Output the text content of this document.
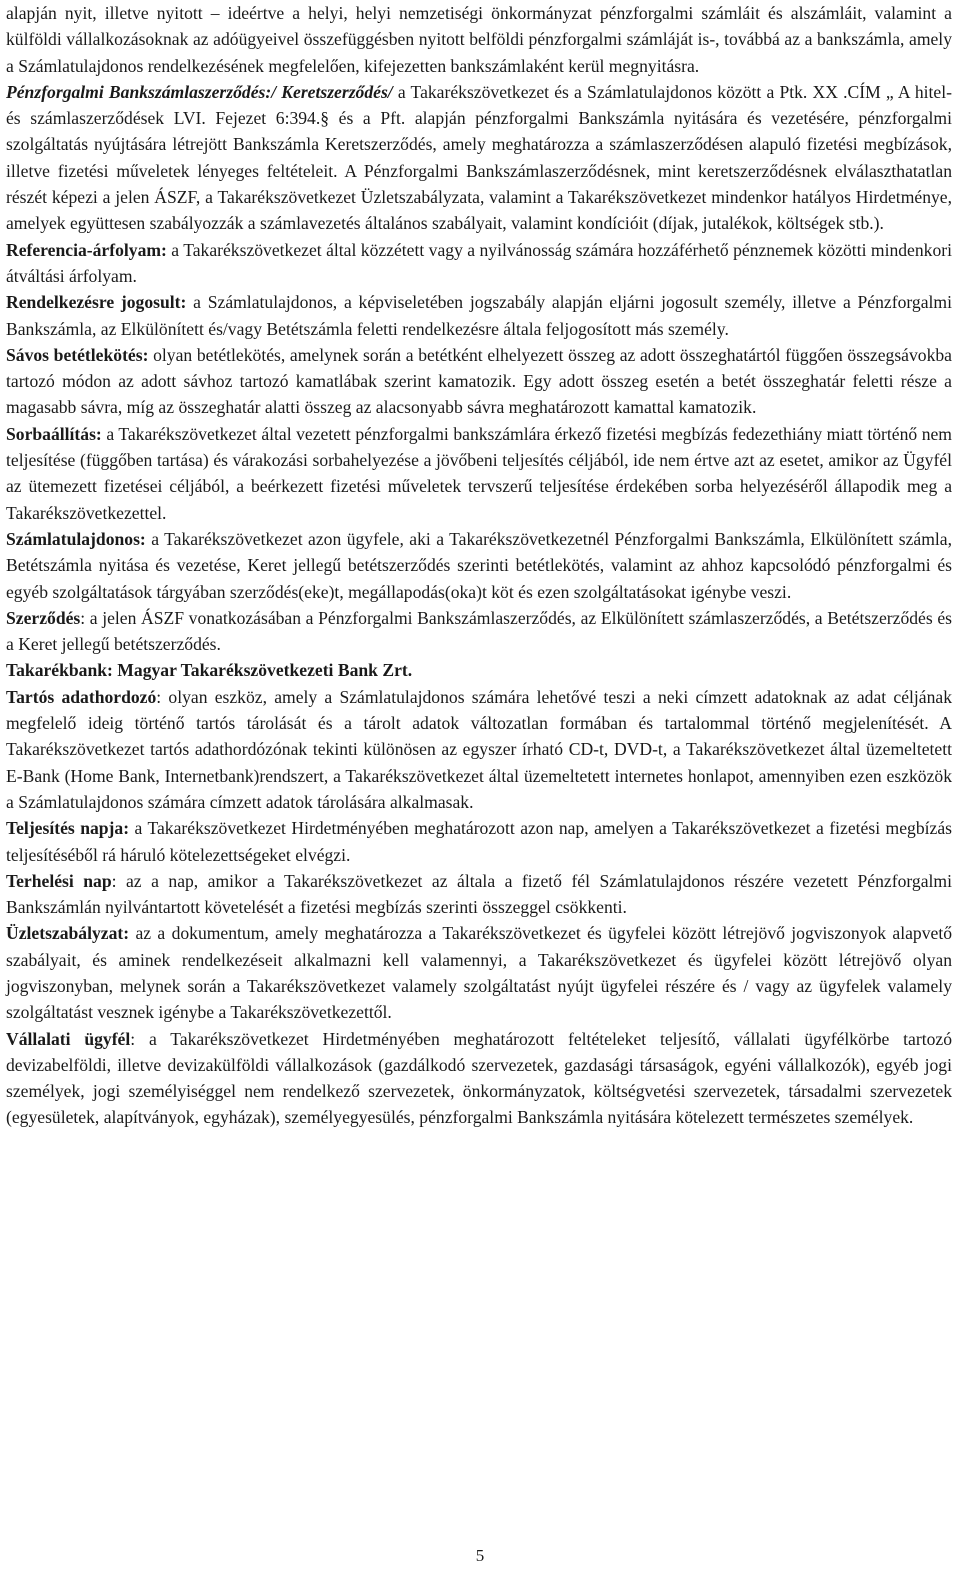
alapján nyit, illetve nyitott – ideértve a helyi, helyi nemzetiségi önkormányzat pénzforgalmi számláit és alszámláit, valamint a külföldi vállalkozásoknak az adóügyeivel összefüggésben nyitott belföldi pénzforgalmi számláját is-, továbbá az a bankszámla, amely a Számlatulajdonos rendelkezésének megfelelően, kifejezetten bankszámlaként kerül megnyitásra.

Pénzforgalmi Bankszámlaszerződés:/ Keretszerződés/ a Takarékszövetkezet és a Számlatulajdonos között a Ptk. XX .CÍM „ A hitel-és számlaszerződések LVI. Fejezet 6:394.§ és a Pft. alapján pénzforgalmi Bankszámla nyitására és vezetésére, pénzforgalmi szolgáltatás nyújtására létrejött Bankszámla Keretszerződés, amely meghatározza a számlaszerződésen alapuló fizetési megbízások, illetve fizetési műveletek lényeges feltételeit. A Pénzforgalmi Bankszámlaszerződésnek, mint keretszerződésnek elválaszthatatlan részét képezi a jelen ÁSZF, a Takarékszövetkezet Üzletszabályzata, valamint a Takarékszövetkezet mindenkor hatályos Hirdetménye, amelyek együttesen szabályozzák a számlavezetés általános szabályait, valamint kondícióit (díjak, jutalékok, költségek stb.).

Referencia-árfolyam: a Takarékszövetkezet által közzétett vagy a nyilvánosság számára hozzáférhető pénznemek közötti mindenkori átváltási árfolyam.

Rendelkezésre jogosult: a Számlatulajdonos, a képviseletében jogszabály alapján eljárni jogosult személy, illetve a Pénzforgalmi Bankszámla, az Elkülönített és/vagy Betétszámla feletti rendelkezésre általa feljogosított más személy.

Sávos betétlekötés: olyan betétlekötés, amelynek során a betétként elhelyezett összeg az adott összeghatártól függően összegsávokba tartozó módon az adott sávhoz tartozó kamatlábak szerint kamatozik. Egy adott összeg esetén a betét összeghatár feletti része a magasabb sávra, míg az összeghatár alatti összeg az alacsonyabb sávra meghatározott kamattal kamatozik.

Sorbaállítás: a Takarékszövetkezet által vezetett pénzforgalmi bankszámlára érkező fizetési megbízás fedezethiány miatt történő nem teljesítése (függőben tartása) és várakozási sorbahelyezése a jövőbeni teljesítés céljából, ide nem értve azt az esetet, amikor az Ügyfél az ütemezett fizetései céljából, a beérkezett fizetési műveletek tervszerű teljesítése érdekében sorba helyezéséről állapodik meg a Takarékszövetkezettel.

Számlatulajdonos: a Takarékszövetkezet azon ügyfele, aki a Takarékszövetkezetnél Pénzforgalmi Bankszámla, Elkülönített számla, Betétszámla nyitása és vezetése, Keret jellegű betétszerződés szerinti betétlekötés, valamint az ahhoz kapcsolódó pénzforgalmi és egyéb szolgáltatások tárgyában szerződés(eke)t, megállapodás(oka)t köt és ezen szolgáltatásokat igénybe veszi.

Szerződés: a jelen ÁSZF vonatkozásában a Pénzforgalmi Bankszámlaszerződés, az Elkülönített számlaszerződés, a Betétszerződés és a Keret jellegű betétszerződés.

Takarékbank: Magyar Takarékszövetkezeti Bank Zrt.

Tartós adathordozó: olyan eszköz, amely a Számlatulajdonos számára lehetővé teszi a neki címzett adatoknak az adat céljának megfelelő ideig történő tartós tárolását és a tárolt adatok változatlan formában és tartalommal történő megjelenítését. A Takarékszövetkezet tartós adathordózónak tekinti különösen az egyszer írható CD-t, DVD-t, a Takarékszövetkezet által üzemeltetett E-Bank (Home Bank, Internetbank)rendszert, a Takarékszövetkezet által üzemeltetett internetes honlapot, amennyiben ezen eszközök a Számlatulajdonos számára címzett adatok tárolására alkalmasak.

Teljesítés napja: a Takarékszövetkezet Hirdetményében meghatározott azon nap, amelyen a Takarékszövetkezet a fizetési megbízás teljesítéséből rá háruló kötelezettségeket elvégzi.

Terhelési nap: az a nap, amikor a Takarékszövetkezet az általa a fizető fél Számlatulajdonos részére vezetett Pénzforgalmi Bankszámlán nyilvántartott követelését a fizetési megbízás szerinti összeggel csökkenti.

Üzletszabályzat: az a dokumentum, amely meghatározza a Takarékszövetkezet és ügyfelei között létrejövő jogviszonyok alapvető szabályait, és aminek rendelkezéseit alkalmazni kell valamennyi, a Takarékszövetkezet és ügyfelei között létrejövő olyan jogviszonyban, melynek során a Takarékszövetkezet valamely szolgáltatást nyújt ügyfelei részére és / vagy az ügyfelek valamely szolgáltatást vesznek igénybe a Takarékszövetkezettől.

Vállalati ügyfél: a Takarékszövetkezet Hirdetményében meghatározott feltételeket teljesítő, vállalati ügyfélkörbe tartozó devizabelföldi, illetve devizakülföldi vállalkozások (gazdálkodó szervezetek, gazdasági társaságok, egyéni vállalkozók), egyéb jogi személyek, jogi személyiséggel nem rendelkező szervezetek, önkormányzatok, költségvetési szervezetek, társadalmi szervezetek (egyesületek, alapítványok, egyházak), személyegyesülés, pénzforgalmi Bankszámla nyitására kötelezett természetes személyek.

5
